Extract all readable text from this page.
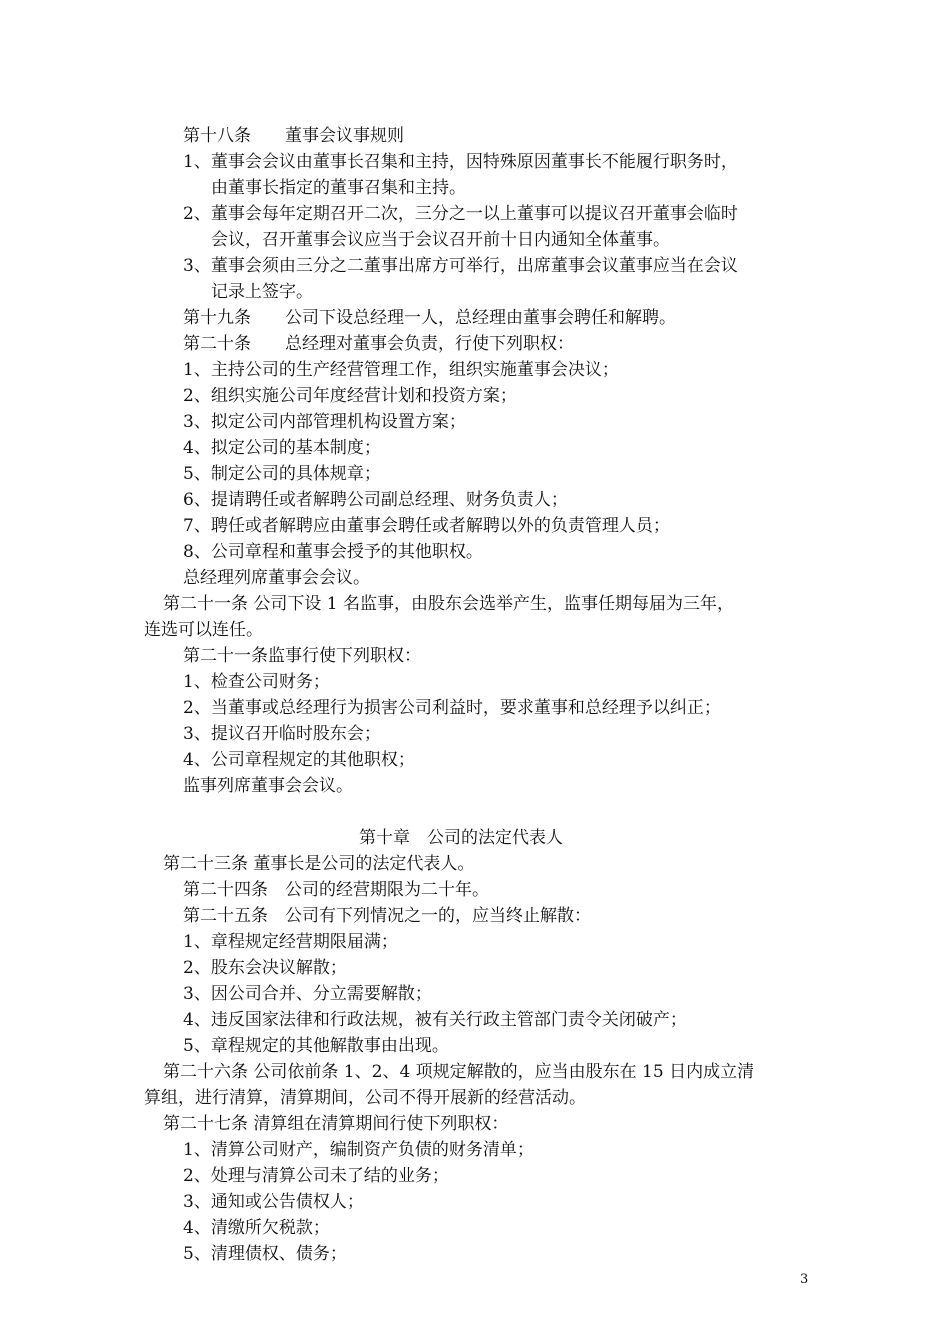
第十八条　　董事会议事规则
1、董事会会议由董事长召集和主持，因特殊原因董事长不能履行职务时，
由董事长指定的董事召集和主持。
2、董事会每年定期召开二次，三分之一以上董事可以提议召开董事会临时
会议，召开董事会议应当于会议召开前十日内通知全体董事。
3、董事会须由三分之二董事出席方可举行，出席董事会议董事应当在会议
记录上签字。
第十九条　　公司下设总经理一人，总经理由董事会聘任和解聘。
第二十条　　总经理对董事会负责，行使下列职权：
1、主持公司的生产经营管理工作，组织实施董事会决议；
2、组织实施公司年度经营计划和投资方案；
3、拟定公司内部管理机构设置方案；
4、拟定公司的基本制度；
5、制定公司的具体规章；
6、提请聘任或者解聘公司副总经理、财务负责人；
7、聘任或者解聘应由董事会聘任或者解聘以外的负责管理人员；
8、公司章程和董事会授予的其他职权。
总经理列席董事会会议。
第二十一条 公司下设 1 名监事，由股东会选举产生，监事任期每届为三年，
连选可以连任。
第二十一条监事行使下列职权：
1、检查公司财务；
2、当董事或总经理行为损害公司利益时，要求董事和总经理予以纠正；
3、提议召开临时股东会；
4、公司章程规定的其他职权；
监事列席董事会会议。
第十章　公司的法定代表人
第二十三条 董事长是公司的法定代表人。
第二十四条　公司的经营期限为二十年。
第二十五条　公司有下列情况之一的，应当终止解散：
1、章程规定经营期限届满；
2、股东会决议解散；
3、因公司合并、分立需要解散；
4、违反国家法律和行政法规，被有关行政主管部门责令关闭破产；
5、章程规定的其他解散事由出现。
第二十六条 公司依前条 1、2、4 项规定解散的，应当由股东在 15 日内成立清
算组，进行清算，清算期间，公司不得开展新的经营活动。
第二十七条 清算组在清算期间行使下列职权：
1、清算公司财产，编制资产负债的财务清单；
2、处理与清算公司未了结的业务；
3、通知或公告债权人；
4、清缴所欠税款；
5、清理债权、债务；
3
